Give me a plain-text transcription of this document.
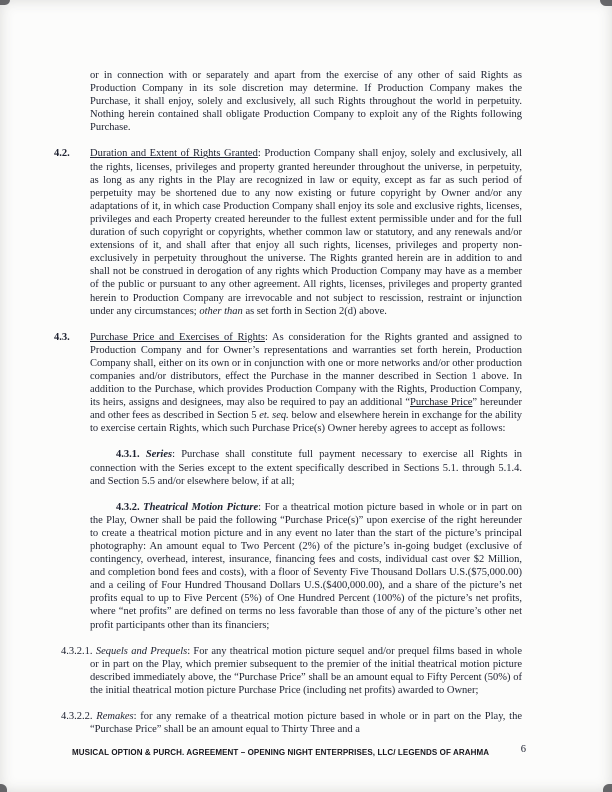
or in connection with or separately and apart from the exercise of any other of said Rights as Production Company in its sole discretion may determine. If Production Company makes the Purchase, it shall enjoy, solely and exclusively, all such Rights throughout the world in perpetuity. Nothing herein contained shall obligate Production Company to exploit any of the Rights following Purchase.

4.2. Duration and Extent of Rights Granted: Production Company shall enjoy, solely and exclusively, all the rights, licenses, privileges and property granted hereunder throughout the universe, in perpetuity, as long as any rights in the Play are recognized in law or equity, except as far as such period of perpetuity may be shortened due to any now existing or future copyright by Owner and/or any adaptations of it, in which case Production Company shall enjoy its sole and exclusive rights, licenses, privileges and each Property created hereunder to the fullest extent permissible under and for the full duration of such copyright or copyrights, whether common law or statutory, and any renewals and/or extensions of it, and shall after that enjoy all such rights, licenses, privileges and property non-exclusively in perpetuity throughout the universe. The Rights granted herein are in addition to and shall not be construed in derogation of any rights which Production Company may have as a member of the public or pursuant to any other agreement. All rights, licenses, privileges and property granted herein to Production Company are irrevocable and not subject to rescission, restraint or injunction under any circumstances; other than as set forth in Section 2(d) above.

4.3. Purchase Price and Exercises of Rights: As consideration for the Rights granted and assigned to Production Company and for Owner’s representations and warranties set forth herein, Production Company shall, either on its own or in conjunction with one or more networks and/or other production companies and/or distributors, effect the Purchase in the manner described in Section 1 above. In addition to the Purchase, which provides Production Company with the Rights, Production Company, its heirs, assigns and designees, may also be required to pay an additional “Purchase Price” hereunder and other fees as described in Section 5 et. seq. below and elsewhere herein in exchange for the ability to exercise certain Rights, which such Purchase Price(s) Owner hereby agrees to accept as follows:

4.3.1. Series: Purchase shall constitute full payment necessary to exercise all Rights in connection with the Series except to the extent specifically described in Sections 5.1. through 5.1.4. and Section 5.5 and/or elsewhere below, if at all;

4.3.2. Theatrical Motion Picture: For a theatrical motion picture based in whole or in part on the Play, Owner shall be paid the following “Purchase Price(s)” upon exercise of the right hereunder to create a theatrical motion picture and in any event no later than the start of the picture’s principal photography: An amount equal to Two Percent (2%) of the picture’s in-going budget (exclusive of contingency, overhead, interest, insurance, financing fees and costs, individual cast over $2 Million, and completion bond fees and costs), with a floor of Seventy Five Thousand Dollars U.S.($75,000.00) and a ceiling of Four Hundred Thousand Dollars U.S.($400,000.00), and a share of the picture’s net profits equal to up to Five Percent (5%) of One Hundred Percent (100%) of the picture’s net profits, where “net profits” are defined on terms no less favorable than those of any of the picture’s other net profit participants other than its financiers;

4.3.2.1. Sequels and Prequels: For any theatrical motion picture sequel and/or prequel films based in whole or in part on the Play, which premier subsequent to the premier of the initial theatrical motion picture described immediately above, the “Purchase Price” shall be an amount equal to Fifty Percent (50%) of the initial theatrical motion picture Purchase Price (including net profits) awarded to Owner;

4.3.2.2. Remakes: for any remake of a theatrical motion picture based in whole or in part on the Play, the “Purchase Price” shall be an amount equal to Thirty Three and a

MUSICAL OPTION & PURCH. AGREEMENT – OPENING NIGHT ENTERPRISES, LLC/ LEGENDS OF ARAHMA	6
